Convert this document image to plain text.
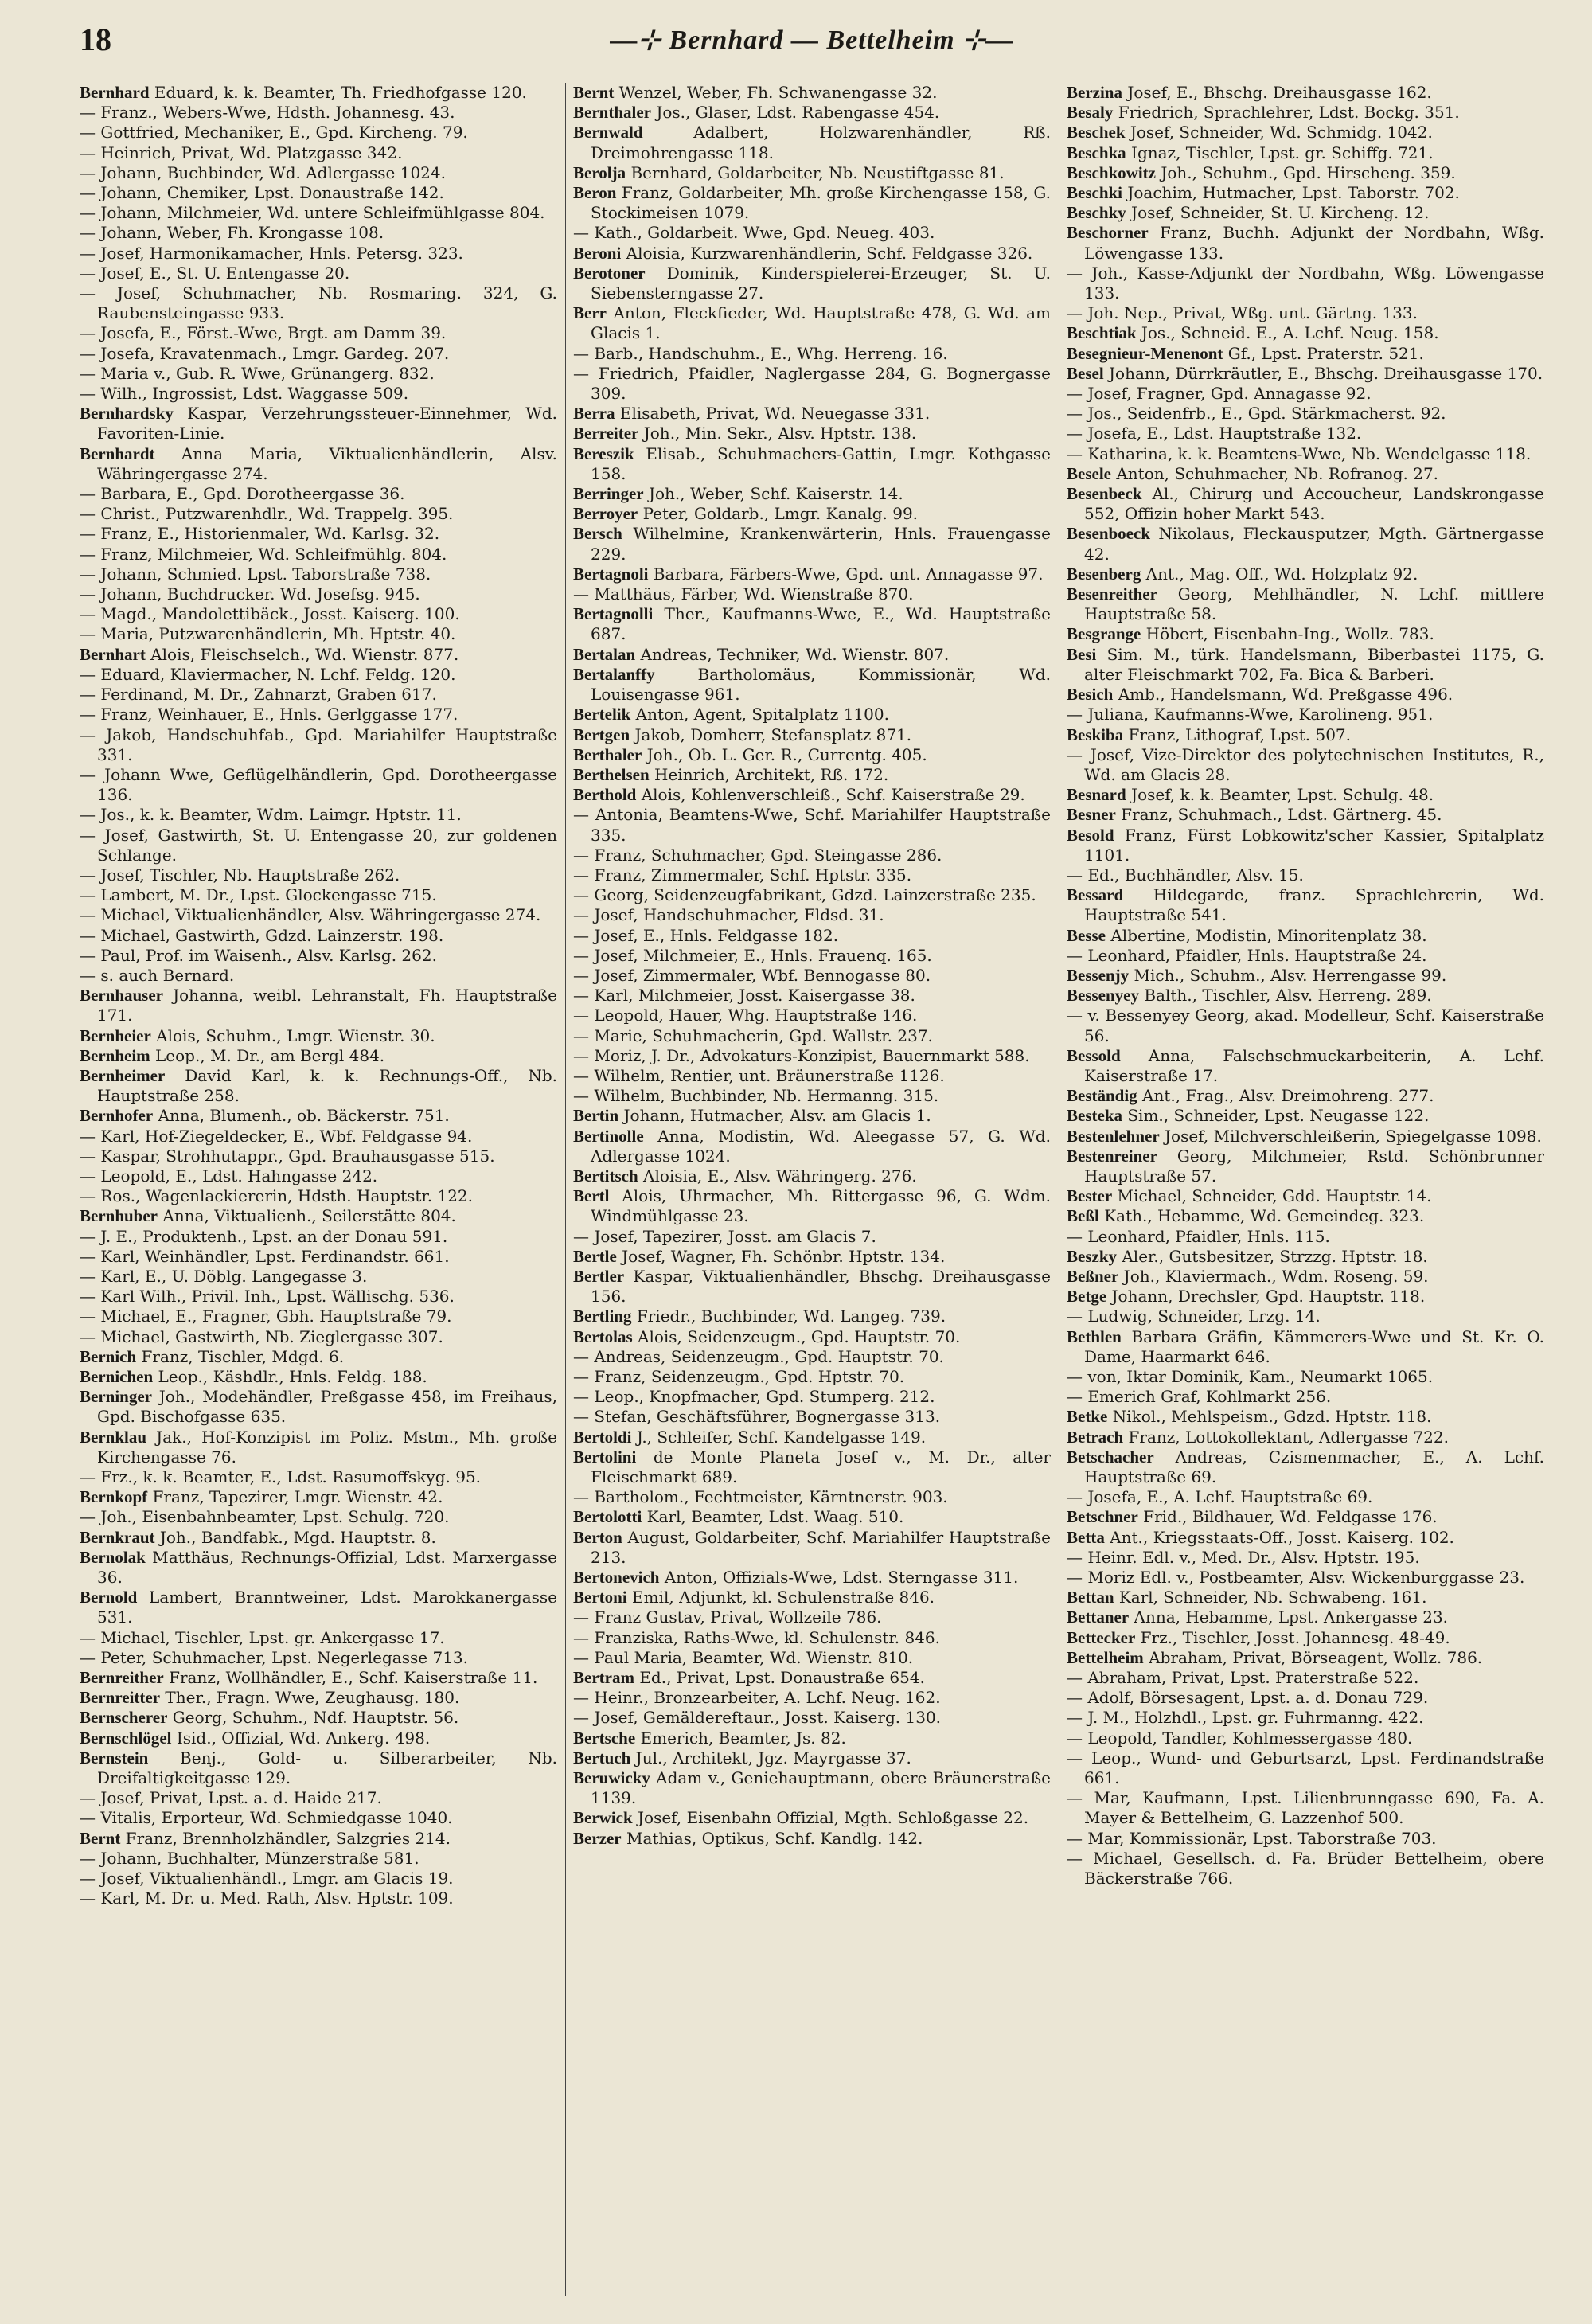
18	—⊹ Bernhard — Bettelheim ⊹—
Bernhard Eduard, k. k. Beamter, Th. Friedhofgasse 120.
— Franz., Webers-Wwe, Hdsth. Johannesg. 43.
— Gottfried, Mechaniker, E., Gpd. Kircheng. 79.
— Heinrich, Privat, Wd. Platzgasse 342.
— Johann, Buchbinder, Wd. Adlergasse 1024.
— Johann, Chemiker, Lpst. Donaustraße 142.
— Johann, Milchmeier, Wd. untere Schleifmühlgasse 804.
— Johann, Weber, Fh. Krongasse 108.
— Josef, Harmonikamacher, Hnls. Petersg. 323.
— Josef, E., St. U. Entengasse 20.
— Josef, Schuhmacher, Nb. Rosmaring. 324, G. Raubensteingasse 933.
— Josefa, E., Först.-Wwe, Brgt. am Damm 39.
— Josefa, Kravatenmach., Lmgr. Gardeg. 207.
— Maria v., Gub. R. Wwe, Grünangerg. 832.
— Wilh., Ingrossist, Ldst. Waggasse 509.
Bernhardsky Kaspar, Verzehrungssteuer-Einnehmer, Wd. Favoriten-Linie.
Bernhardt Anna Maria, Viktualienhändlerin, Alsv. Währingergasse 274.
— Barbara, E., Gpd. Dorotheergasse 36.
— Christ., Putzwarenhdlr., Wd. Trappelg. 395.
— Franz, E., Historienmaler, Wd. Karlsg. 32.
— Franz, Milchmeier, Wd. Schleifmühlg. 804.
— Johann, Schmied. Lpst. Taborstraße 738.
— Johann, Buchdrucker. Wd. Josefsg. 945.
— Magd., Mandolettibäck., Josst. Kaiserg. 100.
— Maria, Putzwarenhändlerin, Mh. Hptstr. 40.
Bernhart Alois, Fleischselch., Wd. Wienstr. 877.
— Eduard, Klaviermacher, N. Lchf. Feldg. 120.
— Ferdinand, M. Dr., Zahnarzt, Graben 617.
— Franz, Weinhauer, E., Hnls. Gerlggasse 177.
— Jakob, Handschuhfab., Gpd. Mariahilfer Hauptstraße 331.
— Johann Wwe, Geflügelhändlerin, Gpd. Dorotheergasse 136.
— Jos., k. k. Beamter, Wdm. Laimgr. Hptstr. 11.
— Josef, Gastwirth, St. U. Entengasse 20, zur goldenen Schlange.
— Josef, Tischler, Nb. Hauptstraße 262.
— Lambert, M. Dr., Lpst. Glockengasse 715.
— Michael, Viktualienhändler, Alsv. Währingergasse 274.
— Michael, Gastwirth, Gdzd. Lainzerstr. 198.
— Paul, Prof. im Waisenh., Alsv. Karlsg. 262.
— s. auch Bernard.
Bernhauser Johanna, weibl. Lehranstalt, Fh. Hauptstraße 171.
Bernheier Alois, Schuhm., Lmgr. Wienstr. 30.
Bernheim Leop., M. Dr., am Bergl 484.
Bernheimer David Karl, k. k. Rechnungs-Off., Nb. Hauptstraße 258.
Bernhofer Anna, Blumenh., ob. Bäckerstr. 751.
— Karl, Hof-Ziegeldecker, E., Wbf. Feldgasse 94.
— Kaspar, Strohhutappr., Gpd. Brauhausgasse 515.
— Leopold, E., Ldst. Hahngasse 242.
— Ros., Wagenlackiererin, Hdsth. Hauptstr. 122.
Bernhuber Anna, Viktualienh., Seilerstätte 804.
— J. E., Produktenh., Lpst. an der Donau 591.
— Karl, Weinhändler, Lpst. Ferdinandstr. 661.
— Karl, E., U. Döblg. Langegasse 3.
— Karl Wilh., Privil. Inh., Lpst. Wällischg. 536.
— Michael, E., Fragner, Gbh. Hauptstraße 79.
— Michael, Gastwirth, Nb. Zieglergasse 307.
Bernich Franz, Tischler, Mdgd. 6.
Bernichen Leop., Käshdlr., Hnls. Feldg. 188.
Berninger Joh., Modehändler, Preßgasse 458, im Freihaus, Gpd. Bischofgasse 635.
Bernklau Jak., Hof-Konzipist im Poliz. Mstm., Mh. große Kirchengasse 76.
— Frz., k. k. Beamter, E., Ldst. Rasumoffskyg. 95.
Bernkopf Franz, Tapezirer, Lmgr. Wienstr. 42.
— Joh., Eisenbahnbeamter, Lpst. Schulg. 720.
Bernkraut Joh., Bandfabk., Mgd. Hauptstr. 8.
Bernolak Matthäus, Rechnungs-Offizial, Ldst. Marxergasse 36.
Bernold Lambert, Branntweiner, Ldst. Marokkanergasse 531.
— Michael, Tischler, Lpst. gr. Ankergasse 17.
— Peter, Schuhmacher, Lpst. Negerlegasse 713.
Bernreither Franz, Wollhändler, E., Schf. Kaiserstraße 11.
Bernreitter Ther., Fragn. Wwe, Zeughausg. 180.
Bernscherer Georg, Schuhm., Ndf. Hauptstr. 56.
Bernschlögel Isid., Offizial, Wd. Ankerg. 498.
Bernstein Benj., Gold- u. Silberarbeiter, Nb. Dreifaltigkeitgasse 129.
— Josef, Privat, Lpst. a. d. Haide 217.
— Vitalis, Erporteur, Wd. Schmiedgasse 1040.
Bernt Franz, Brennholzhändler, Salzgries 214.
— Johann, Buchhalter, Münzerstraße 581.
— Josef, Viktualienhändl., Lmgr. am Glacis 19.
— Karl, M. Dr. u. Med. Rath, Alsv. Hptstr. 109.
Bernt Wenzel, Weber, Fh. Schwanengasse 32.
Bernthaler Jos., Glaser, Ldst. Rabengasse 454.
Bernwald Adalbert, Holzwarenhändler, Rß. Dreimohrengasse 118.
Berolja Bernhard, Goldarbeiter, Nb. Neustiftgasse 81.
Beron Franz, Goldarbeiter, Mh. große Kirchengasse 158, G. Stockimeisen 1079.
— Kath., Goldarbeit. Wwe, Gpd. Neueg. 403.
Beroni Aloisia, Kurzwarenhändlerin, Schf. Feldgasse 326.
Berotoner Dominik, Kinderspielerei-Erzeuger, St. U. Siebensterngasse 27.
Berr Anton, Fleckfieder, Wd. Hauptstraße 478, G. Wd. am Glacis 1.
— Barb., Handschuhm., E., Whg. Herreng. 16.
— Friedrich, Pfaidler, Naglergasse 284, G. Bognergasse 309.
Berra Elisabeth, Privat, Wd. Neuegasse 331.
Berreiter Joh., Min. Sekr., Alsv. Hptstr. 138.
Bereszik Elisab., Schuhmachers-Gattin, Lmgr. Kothgasse 158.
Berringer Joh., Weber, Schf. Kaiserstr. 14.
Berroyer Peter, Goldarb., Lmgr. Kanalg. 99.
Bersch Wilhelmine, Krankenwärterin, Hnls. Frauengasse 229.
Bertagnoli Barbara, Färbers-Wwe, Gpd. unt. Annagasse 97.
— Matthäus, Färber, Wd. Wienstraße 870.
Bertagnolli Ther., Kaufmanns-Wwe, E., Wd. Hauptstraße 687.
Bertalan Andreas, Techniker, Wd. Wienstr. 807.
Bertalanffy Bartholomäus, Kommissionär, Wd. Louisengasse 961.
Bertelik Anton, Agent, Spitalplatz 1100.
Bertgen Jakob, Domherr, Stefansplatz 871.
Berthaler Joh., Ob. L. Ger. R., Currentg. 405.
Berthelsen Heinrich, Architekt, Rß. 172.
Berthold Alois, Kohlenverschleiß., Schf. Kaiserstraße 29.
— Antonia, Beamtens-Wwe, Schf. Mariahilfer Hauptstraße 335.
— Franz, Schuhmacher, Gpd. Steingasse 286.
— Franz, Zimmermaler, Schf. Hptstr. 335.
— Georg, Seidenzeugfabrikant, Gdzd. Lainzerstraße 235.
— Josef, Handschuhmacher, Fldsd. 31.
— Josef, E., Hnls. Feldgasse 182.
— Josef, Milchmeier, E., Hnls. Frauenq. 165.
— Josef, Zimmermaler, Wbf. Bennogasse 80.
— Karl, Milchmeier, Josst. Kaisergasse 38.
— Leopold, Hauer, Whg. Hauptstraße 146.
— Marie, Schuhmacherin, Gpd. Wallstr. 237.
— Moriz, J. Dr., Advokaturs-Konzipist, Bauernmarkt 588.
— Wilhelm, Rentier, unt. Bräunerstraße 1126.
— Wilhelm, Buchbinder, Nb. Hermanng. 315.
Bertin Johann, Hutmacher, Alsv. am Glacis 1.
Bertinolle Anna, Modistin, Wd. Aleegasse 57, G. Wd. Adlergasse 1024.
Bertitsch Aloisia, E., Alsv. Währingerg. 276.
Bertl Alois, Uhrmacher, Mh. Rittergasse 96, G. Wdm. Windmühlgasse 23.
— Josef, Tapezirer, Josst. am Glacis 7.
Bertle Josef, Wagner, Fh. Schönbr. Hptstr. 134.
Bertler Kaspar, Viktualienhändler, Bhschg. Dreihausgasse 156.
Bertling Friedr., Buchbinder, Wd. Langeg. 739.
Bertolas Alois, Seidenzeugm., Gpd. Hauptstr. 70.
— Andreas, Seidenzeugm., Gpd. Hauptstr. 70.
— Franz, Seidenzeugm., Gpd. Hptstr. 70.
— Leop., Knopfmacher, Gpd. Stumperg. 212.
— Stefan, Geschäftsführer, Bognergasse 313.
Bertoldi J., Schleifer, Schf. Kandelgasse 149.
Bertolini de Monte Planeta Josef v., M. Dr., alter Fleischmarkt 689.
— Bartholom., Fechtmeister, Kärntnerstr. 903.
Bertolotti Karl, Beamter, Ldst. Waag. 510.
Berton August, Goldarbeiter, Schf. Mariahilfer Hauptstraße 213.
Bertonevich Anton, Offizials-Wwe, Ldst. Sterngasse 311.
Bertoni Emil, Adjunkt, kl. Schulenstraße 846.
— Franz Gustav, Privat, Wollzeile 786.
— Franziska, Raths-Wwe, kl. Schulenstr. 846.
— Paul Maria, Beamter, Wd. Wienstr. 810.
Bertram Ed., Privat, Lpst. Donaustraße 654.
— Heinr., Bronzearbeiter, A. Lchf. Neug. 162.
— Josef, Gemäldereftaur., Josst. Kaiserg. 130.
Bertsche Emerich, Beamter, Js. 82.
Bertuch Jul., Architekt, Jgz. Mayrgasse 37.
Beruwicky Adam v., Geniehauptmann, obere Bräunerstraße 1139.
Berwick Josef, Eisenbahn Offizial, Mgth. Schloßgasse 22.
Berzer Mathias, Optikus, Schf. Kandlg. 142.
Berzina Josef, E., Bhschg. Dreihausgasse 162.
Besaly Friedrich, Sprachlehrer, Ldst. Bockg. 351.
Beschek Josef, Schneider, Wd. Schmidg. 1042.
Beschka Ignaz, Tischler, Lpst. gr. Schiffg. 721.
Beschkowitz Joh., Schuhm., Gpd. Hirscheng. 359.
Beschki Joachim, Hutmacher, Lpst. Taborstr. 702.
Beschky Josef, Schneider, St. U. Kircheng. 12.
Beschorner Franz, Buchh. Adjunkt der Nordbahn, Wßg. Löwengasse 133.
— Joh., Kasse-Adjunkt der Nordbahn, Wßg. Löwengasse 133.
— Joh. Nep., Privat, Wßg. unt. Gärtng. 133.
Beschtiak Jos., Schneid. E., A. Lchf. Neug. 158.
Besegnieur-Menenont Gf., Lpst. Praterstr. 521.
Besel Johann, Dürrkräutler, E., Bhschg. Dreihausgasse 170.
— Josef, Fragner, Gpd. Annagasse 92.
— Jos., Seidenfrb., E., Gpd. Stärkmacherst. 92.
— Josefa, E., Ldst. Hauptstraße 132.
— Katharina, k. k. Beamtens-Wwe, Nb. Wendelgasse 118.
Besele Anton, Schuhmacher, Nb. Rofranog. 27.
Besenbeck Al., Chirurg und Accoucheur, Landskrongasse 552, Offizin hoher Markt 543.
Besenboeck Nikolaus, Fleckausputzer, Mgth. Gärtnergasse 42.
Besenberg Ant., Mag. Off., Wd. Holzplatz 92.
Besenreither Georg, Mehlhändler, N. Lchf. mittlere Hauptstraße 58.
Besgrange Höbert, Eisenbahn-Ing., Wollz. 783.
Besi Sim. M., türk. Handelsmann, Biberbastei 1175, G. alter Fleischmarkt 702, Fa. Bica & Barberi.
Besich Amb., Handelsmann, Wd. Preßgasse 496.
— Juliana, Kaufmanns-Wwe, Karolineng. 951.
Beskiba Franz, Lithograf, Lpst. 507.
— Josef, Vize-Direktor des polytechnischen Institutes, R., Wd. am Glacis 28.
Besnard Josef, k. k. Beamter, Lpst. Schulg. 48.
Besner Franz, Schuhmach., Ldst. Gärtnerg. 45.
Besold Franz, Fürst Lobkowitz'scher Kassier, Spitalplatz 1101.
— Ed., Buchhändler, Alsv. 15.
Bessard Hildegarde, franz. Sprachlehrerin, Wd. Hauptstraße 541.
Besse Albertine, Modistin, Minoritenplatz 38.
— Leonhard, Pfaidler, Hnls. Hauptstraße 24.
Bessenjy Mich., Schuhm., Alsv. Herrengasse 99.
Bessenyey Balth., Tischler, Alsv. Herreng. 289.
— v. Bessenyey Georg, akad. Modelleur, Schf. Kaiserstraße 56.
Bessold Anna, Falschschmuckarbeiterin, A. Lchf. Kaiserstraße 17.
Beständig Ant., Frag., Alsv. Dreimohreng. 277.
Besteka Sim., Schneider, Lpst. Neugasse 122.
Bestenlehner Josef, Milchverschleißerin, Spiegelgasse 1098.
Bestenreiner Georg, Milchmeier, Rstd. Schönbrunner Hauptstraße 57.
Bester Michael, Schneider, Gdd. Hauptstr. 14.
Beßl Kath., Hebamme, Wd. Gemeindeg. 323.
— Leonhard, Pfaidler, Hnls. 115.
Beszky Aler., Gutsbesitzer, Strzzg. Hptstr. 18.
Beßner Joh., Klaviermach., Wdm. Roseng. 59.
Betge Johann, Drechsler, Gpd. Hauptstr. 118.
— Ludwig, Schneider, Lrzg. 14.
Bethlen Barbara Gräfin, Kämmerers-Wwe und St. Kr. O. Dame, Haarmarkt 646.
— von, Iktar Dominik, Kam., Neumarkt 1065.
— Emerich Graf, Kohlmarkt 256.
Betke Nikol., Mehlspeism., Gdzd. Hptstr. 118.
Betrach Franz, Lottokollektant, Adlergasse 722.
Betschacher Andreas, Czismenmacher, E., A. Lchf. Hauptstraße 69.
— Josefa, E., A. Lchf. Hauptstraße 69.
Betschner Frid., Bildhauer, Wd. Feldgasse 176.
Betta Ant., Kriegsstaats-Off., Josst. Kaiserg. 102.
— Heinr. Edl. v., Med. Dr., Alsv. Hptstr. 195.
— Moriz Edl. v., Postbeamter, Alsv. Wickenburggasse 23.
Bettan Karl, Schneider, Nb. Schwabeng. 161.
Bettaner Anna, Hebamme, Lpst. Ankergasse 23.
Bettecker Frz., Tischler, Josst. Johannesg. 48-49.
Bettelheim Abraham, Privat, Börseagent, Wollz. 786.
— Abraham, Privat, Lpst. Praterstraße 522.
— Adolf, Börsesagent, Lpst. a. d. Donau 729.
— J. M., Holzhdl., Lpst. gr. Fuhrmanng. 422.
— Leopold, Tandler, Kohlmessergasse 480.
— Leop., Wund- und Geburtsarzt, Lpst. Ferdinandstraße 661.
— Mar, Kaufmann, Lpst. Lilienbrunngasse 690, Fa. A. Mayer & Bettelheim, G. Lazzenhof 500.
— Mar, Kommissionär, Lpst. Taborstraße 703.
— Michael, Gesellsch. d. Fa. Brüder Bettelheim, obere Bäckerstraße 766.
